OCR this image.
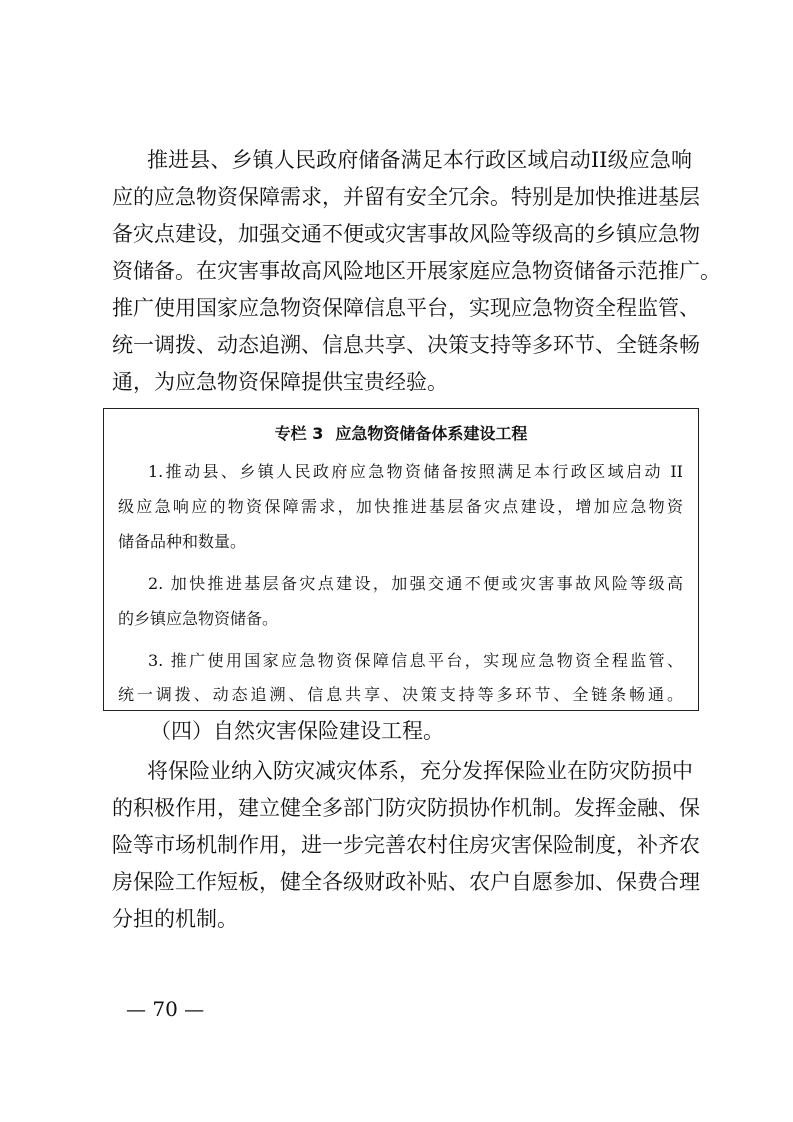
推进县、乡镇人民政府储备满足本行政区域启动II级应急响
应的应急物资保障需求，并留有安全冗余。特别是加快推进基层
备灾点建设，加强交通不便或灾害事故风险等级高的乡镇应急物
资储备。在灾害事故高风险地区开展家庭应急物资储备示范推广。
推广使用国家应急物资保障信息平台，实现应急物资全程监管、
统一调拨、动态追溯、信息共享、决策支持等多环节、全链条畅
通，为应急物资保障提供宝贵经验。
专栏 3 应急物资储备体系建设工程
1.推动县、乡镇人民政府应急物资储备按照满足本行政区域启动 II
级应急响应的物资保障需求，加快推进基层备灾点建设，增加应急物资
储备品种和数量。
2. 加快推进基层备灾点建设，加强交通不便或灾害事故风险等级高
的乡镇应急物资储备。
3. 推广使用国家应急物资保障信息平台，实现应急物资全程监管、
统一调拨、动态追溯、信息共享、决策支持等多环节、全链条畅通。
（四）自然灾害保险建设工程。
将保险业纳入防灾减灾体系，充分发挥保险业在防灾防损中
的积极作用，建立健全多部门防灾防损协作机制。发挥金融、保
险等市场机制作用，进一步完善农村住房灾害保险制度，补齐农
房保险工作短板，健全各级财政补贴、农户自愿参加、保费合理
分担的机制。
— 70 —
